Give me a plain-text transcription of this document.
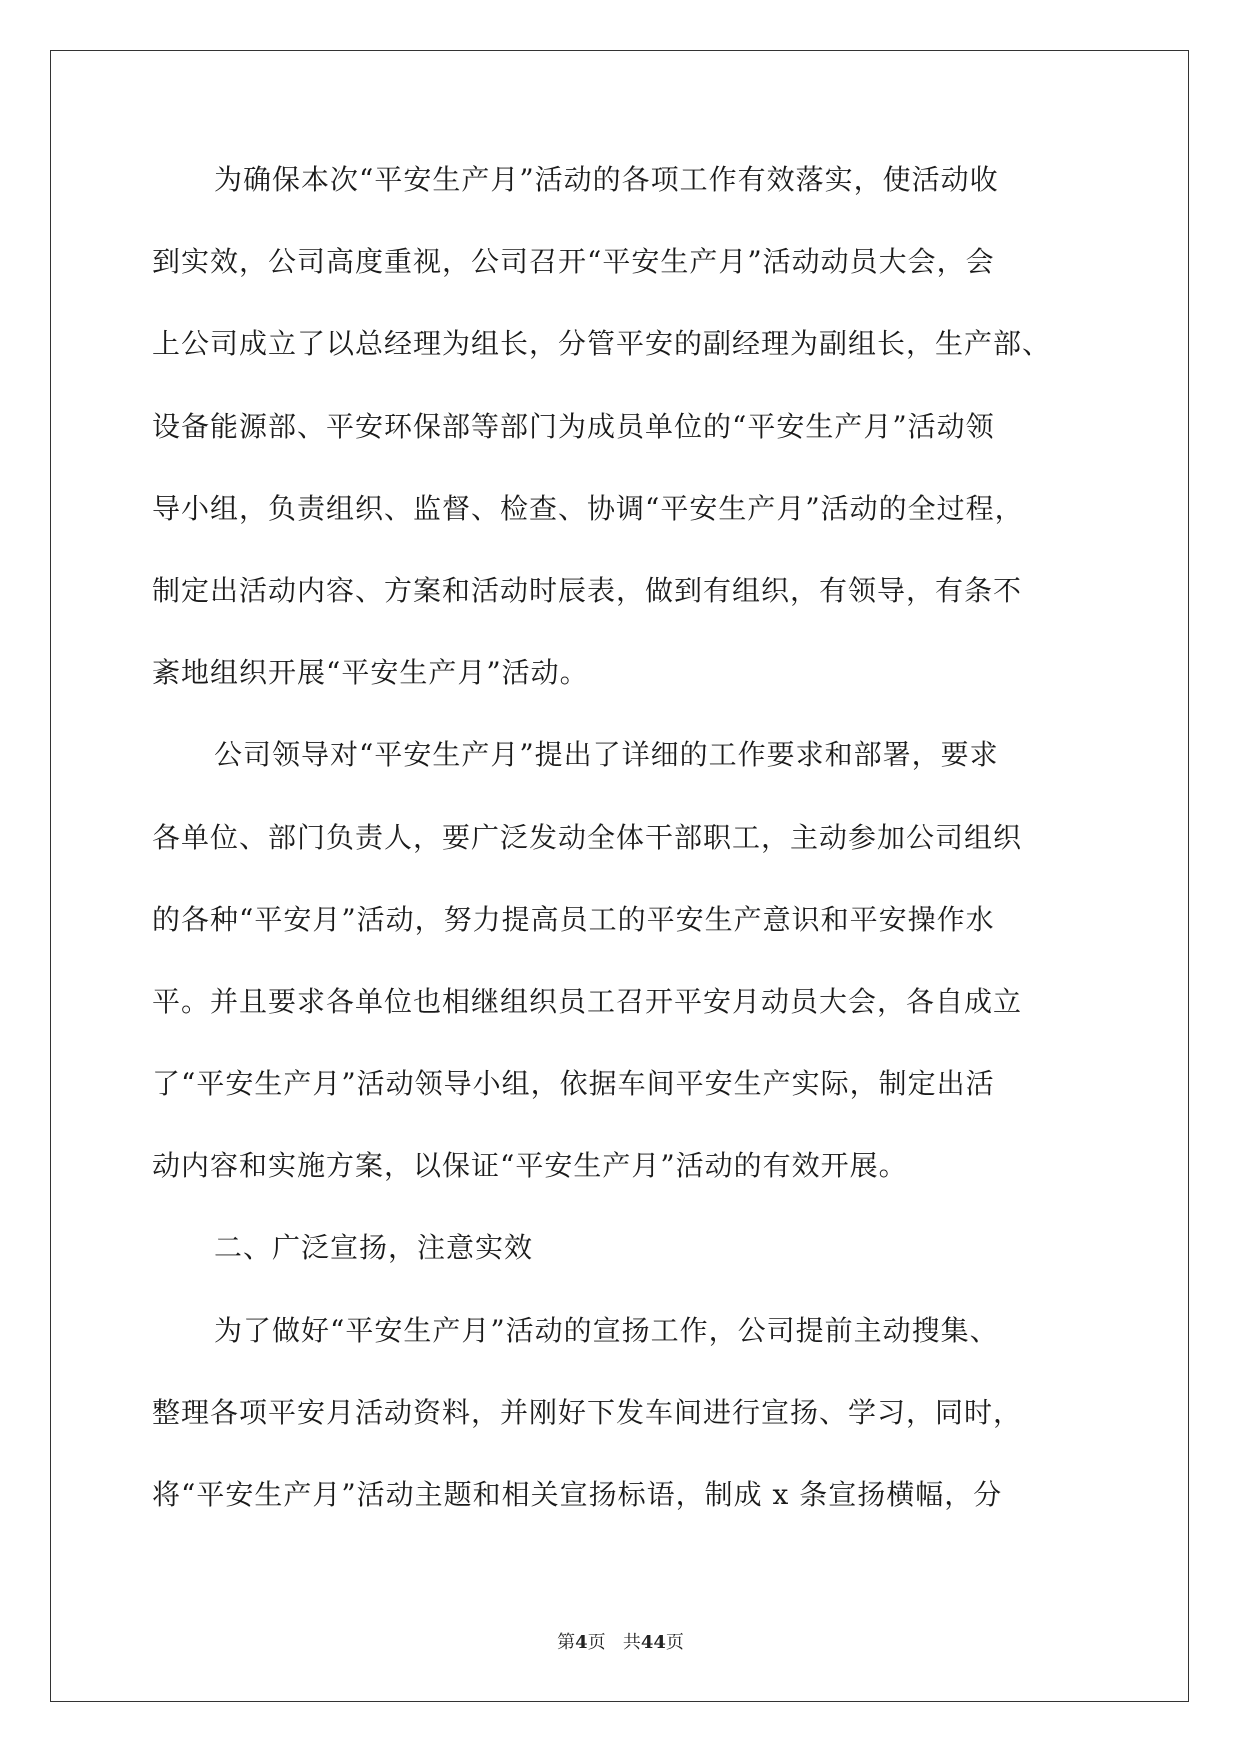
为确保本次“平安生产月”活动的各项工作有效落实，使活动收
到实效，公司高度重视，公司召开“平安生产月”活动动员大会，会
上公司成立了以总经理为组长，分管平安的副经理为副组长，生产部、
设备能源部、平安环保部等部门为成员单位的“平安生产月”活动领
导小组，负责组织、监督、检查、协调“平安生产月”活动的全过程，
制定出活动内容、方案和活动时辰表，做到有组织，有领导，有条不
紊地组织开展“平安生产月”活动。
公司领导对“平安生产月”提出了详细的工作要求和部署，要求
各单位、部门负责人，要广泛发动全体干部职工，主动参加公司组织
的各种“平安月”活动，努力提高员工的平安生产意识和平安操作水
平。并且要求各单位也相继组织员工召开平安月动员大会，各自成立
了“平安生产月”活动领导小组，依据车间平安生产实际，制定出活
动内容和实施方案，以保证“平安生产月”活动的有效开展。
二、广泛宣扬，注意实效
为了做好“平安生产月”活动的宣扬工作，公司提前主动搜集、
整理各项平安月活动资料，并刚好下发车间进行宣扬、学习，同时，
将“平安生产月”活动主题和相关宣扬标语，制成 x 条宣扬横幅，分
第4页 共44页
